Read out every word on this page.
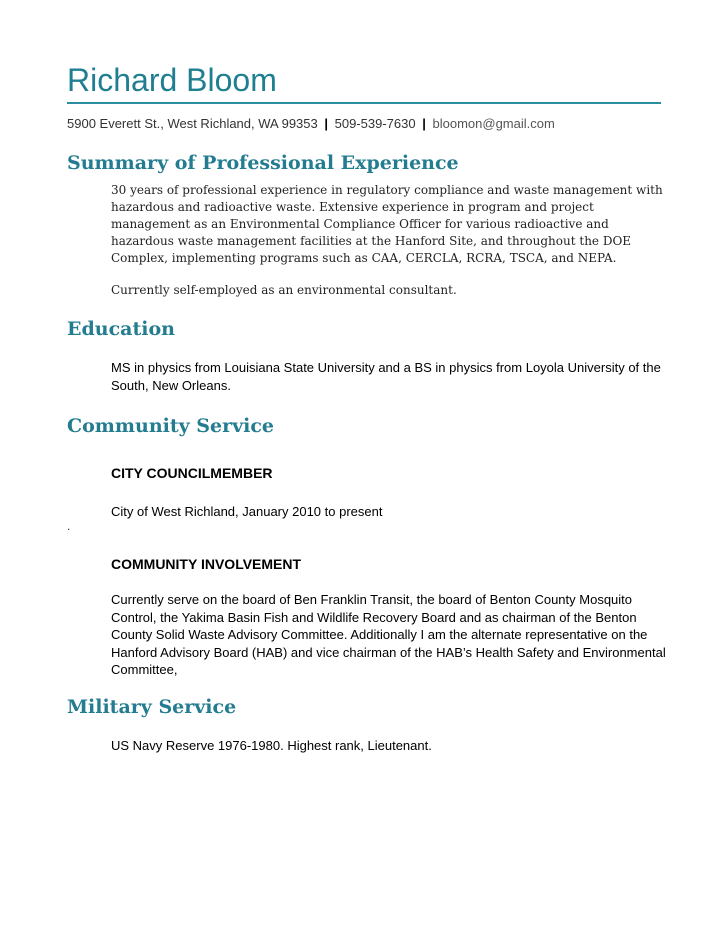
Richard Bloom
5900 Everett St., West Richland, WA 99353 | 509-539-7630 | bloomon@gmail.com
Summary of Professional Experience
30 years of professional experience in regulatory compliance and waste management with hazardous and radioactive waste. Extensive experience in program and project management as an Environmental Compliance Officer for various radioactive and hazardous waste management facilities at the Hanford Site, and throughout the DOE Complex, implementing programs such as CAA, CERCLA, RCRA, TSCA, and NEPA.
Currently self-employed as an environmental consultant.
Education
MS in physics from Louisiana State University and a BS in physics from Loyola University of the South, New Orleans.
Community Service
CITY COUNCILMEMBER
City of West Richland, January 2010 to present
.
COMMUNITY INVOLVEMENT
Currently serve on the board of Ben Franklin Transit, the board of Benton County Mosquito Control, the Yakima Basin Fish and Wildlife Recovery Board and as chairman of the Benton County Solid Waste Advisory Committee. Additionally I am the alternate representative on the Hanford Advisory Board (HAB) and vice chairman of the HAB’s Health Safety and Environmental Committee,
Military Service
US Navy Reserve 1976-1980. Highest rank, Lieutenant.
